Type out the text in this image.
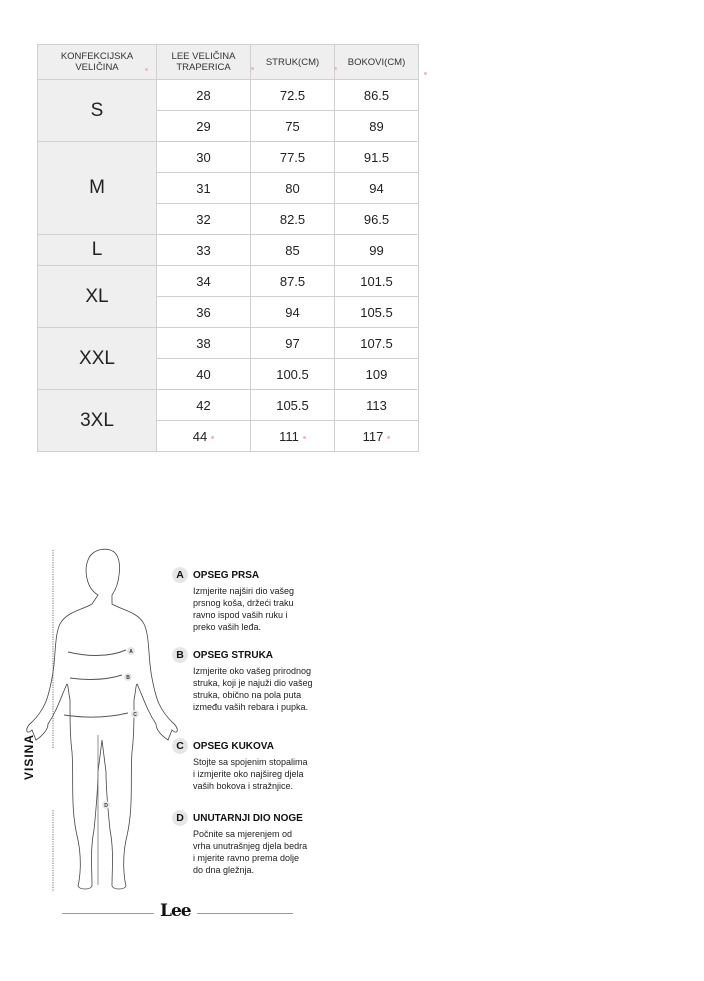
KONFEKCIJSKA
VELIČINA	LEE VELIČINA
TRAPERICA	STRUK(CM)	BOKOVI(CM)
S	28	72.5	86.5
	29	75	89
M	30	77.5	91.5
	31	80	94
	32	82.5	96.5
L	33	85	99
XL	34	87.5	101.5
	36	94	105.5
XXL	38	97	107.5
	40	100.5	109
3XL	42	105.5	113
	44	111	117
A
B
C
D
VISINA
A OPSEG PRSA
Izmjerite najširi dio vašeg
prsnog koša, držeći traku
ravno ispod vaših ruku i
preko vaših leđa.
B OPSEG STRUKA
Izmjerite oko vašeg prirodnog
struka, koji je najuži dio vašeg
struka, obično na pola puta
između vaših rebara i pupka.
C OPSEG KUKOVA
Stojte sa spojenim stopalima
i izmjerite oko najšireg djela
vaših bokova i stražnjice.
D UNUTARNJI DIO NOGE
Počnite sa mjerenjem od
vrha unutrašnjeg djela bedra
i mjerite ravno prema dolje
do dna gležnja.
Lee
